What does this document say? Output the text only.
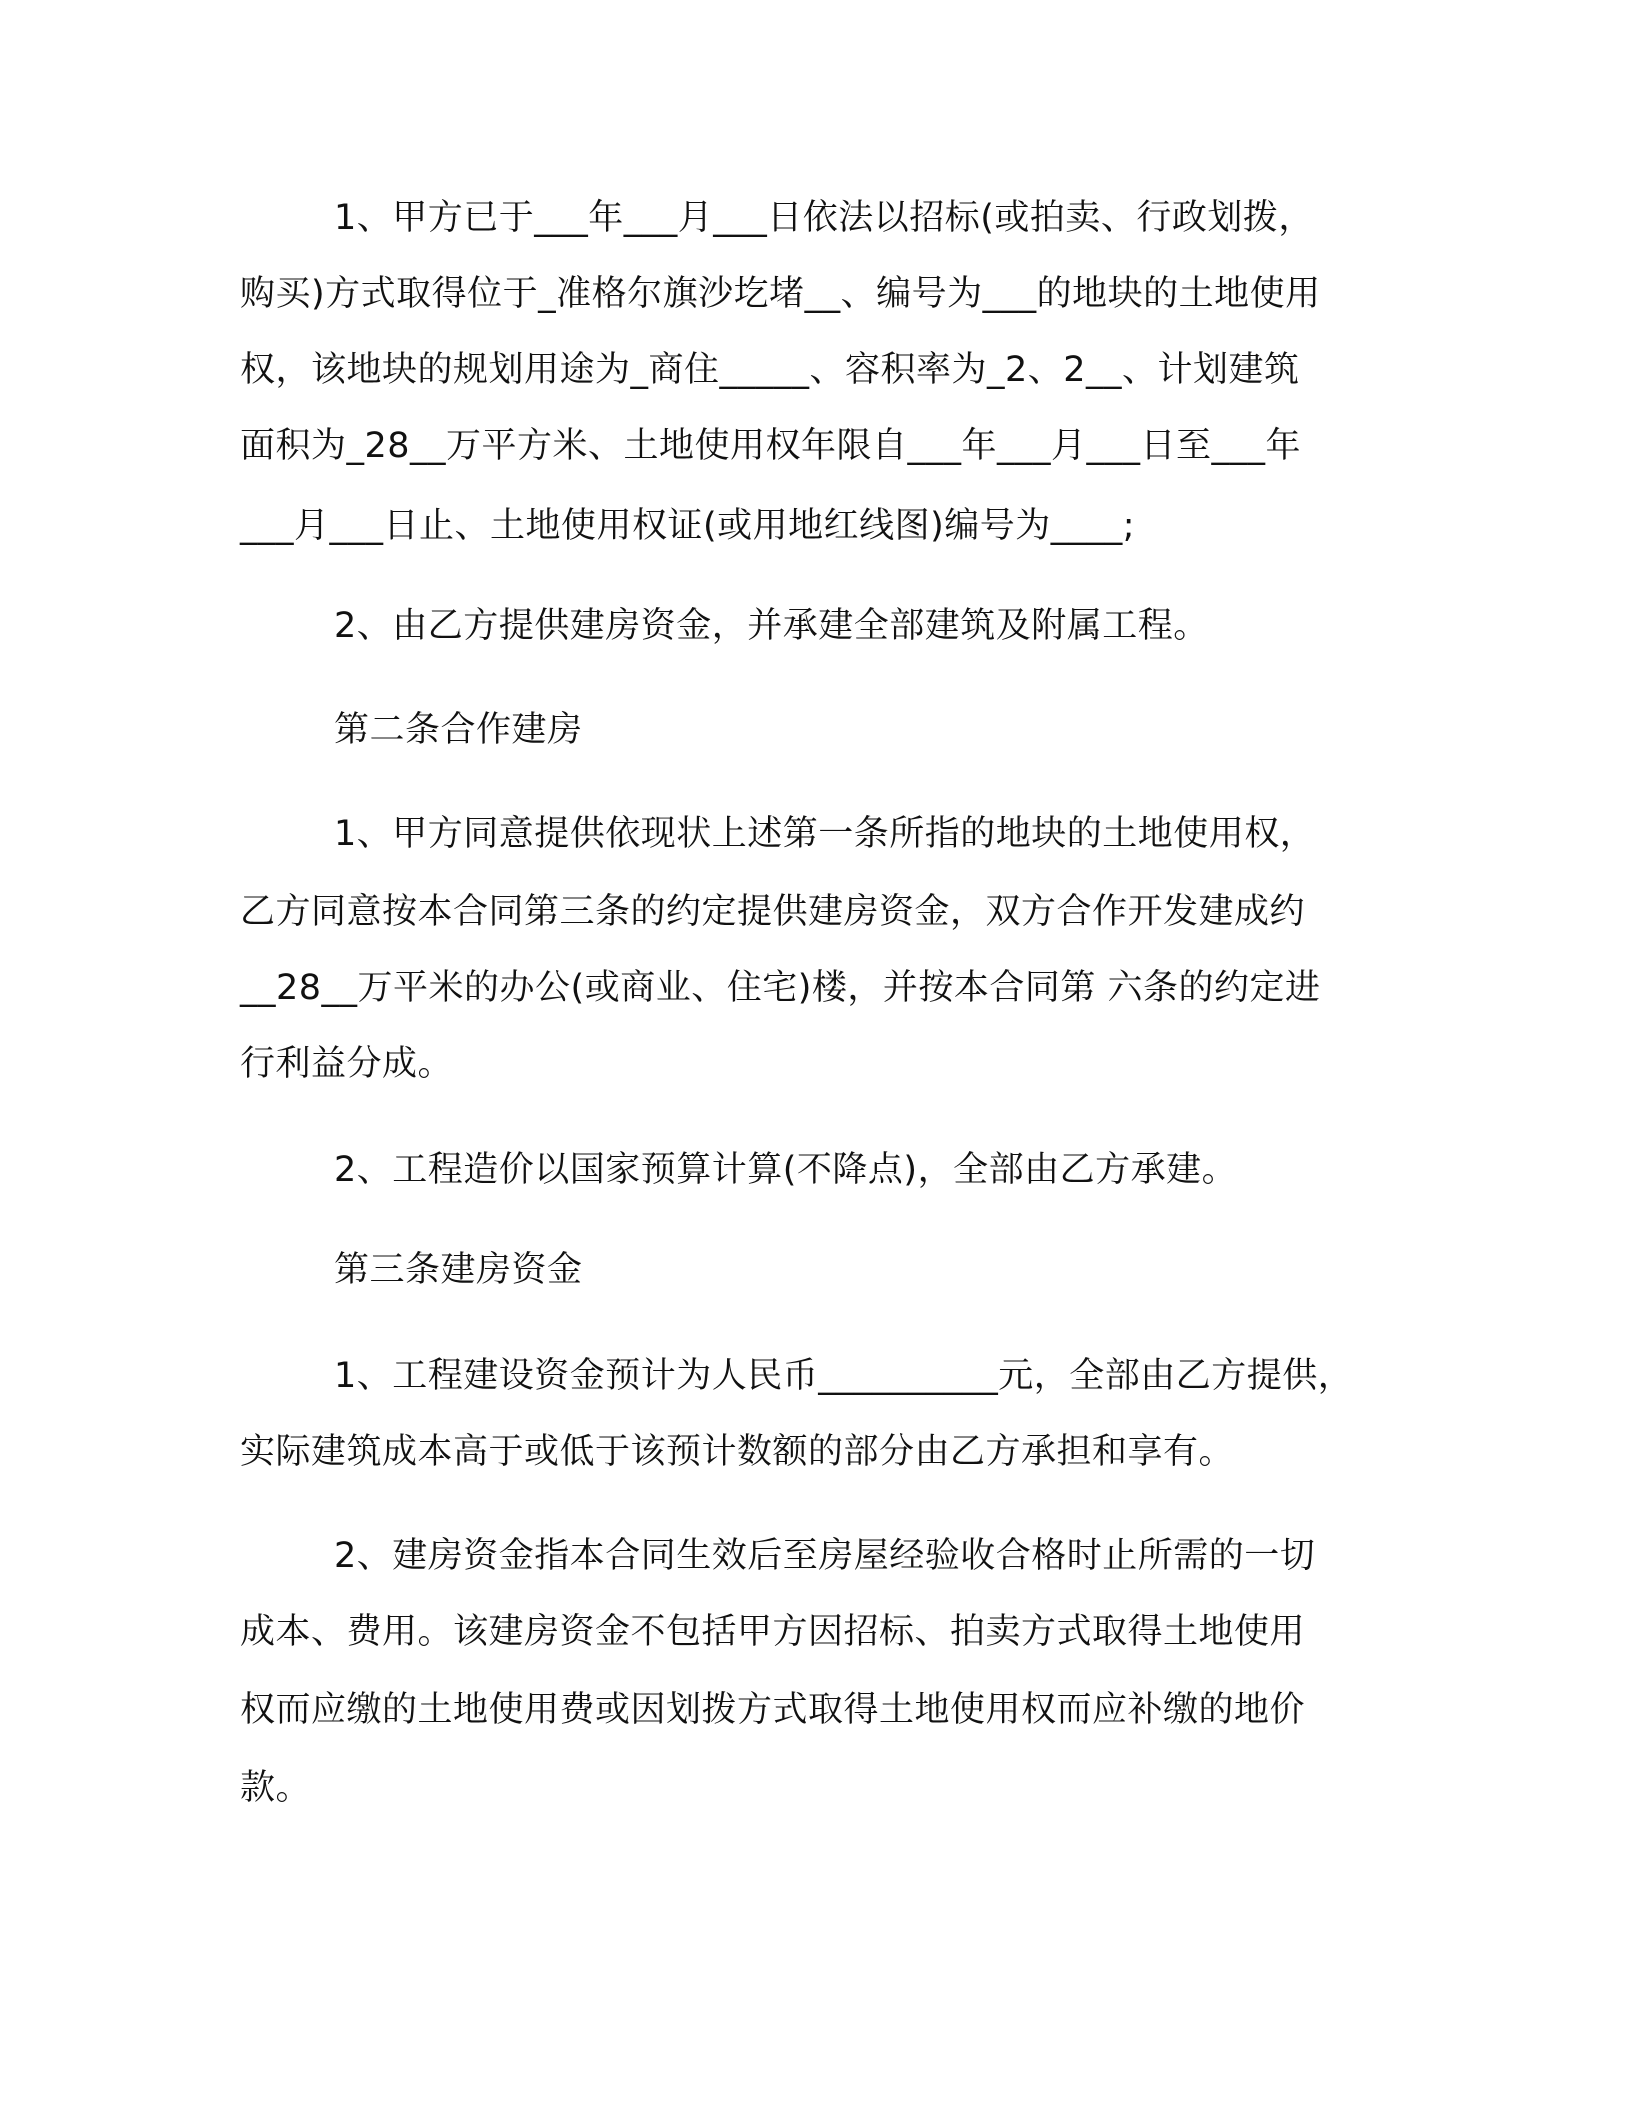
1、甲方已于___年___月___日依法以招标(或拍卖、行政划拨，
购买)方式取得位于_准格尔旗沙圪堵__、编号为___的地块的土地使用
权，该地块的规划用途为_商住_____、容积率为_2、2__、计划建筑
面积为_28__万平方米、土地使用权年限自___年___月___日至___年
___月___日止、土地使用权证(或用地红线图)编号为____;
2、由乙方提供建房资金，并承建全部建筑及附属工程。
第二条合作建房
1、甲方同意提供依现状上述第一条所指的地块的土地使用权，
乙方同意按本合同第三条的约定提供建房资金，双方合作开发建成约
__28__万平米的办公(或商业、住宅)楼，并按本合同第 六条的约定进
行利益分成。
2、工程造价以国家预算计算(不降点)，全部由乙方承建。
第三条建房资金
1、工程建设资金预计为人民币__________元，全部由乙方提供，
实际建筑成本高于或低于该预计数额的部分由乙方承担和享有。
2、建房资金指本合同生效后至房屋经验收合格时止所需的一切
成本、费用。该建房资金不包括甲方因招标、拍卖方式取得土地使用
权而应缴的土地使用费或因划拨方式取得土地使用权而应补缴的地价
款。
